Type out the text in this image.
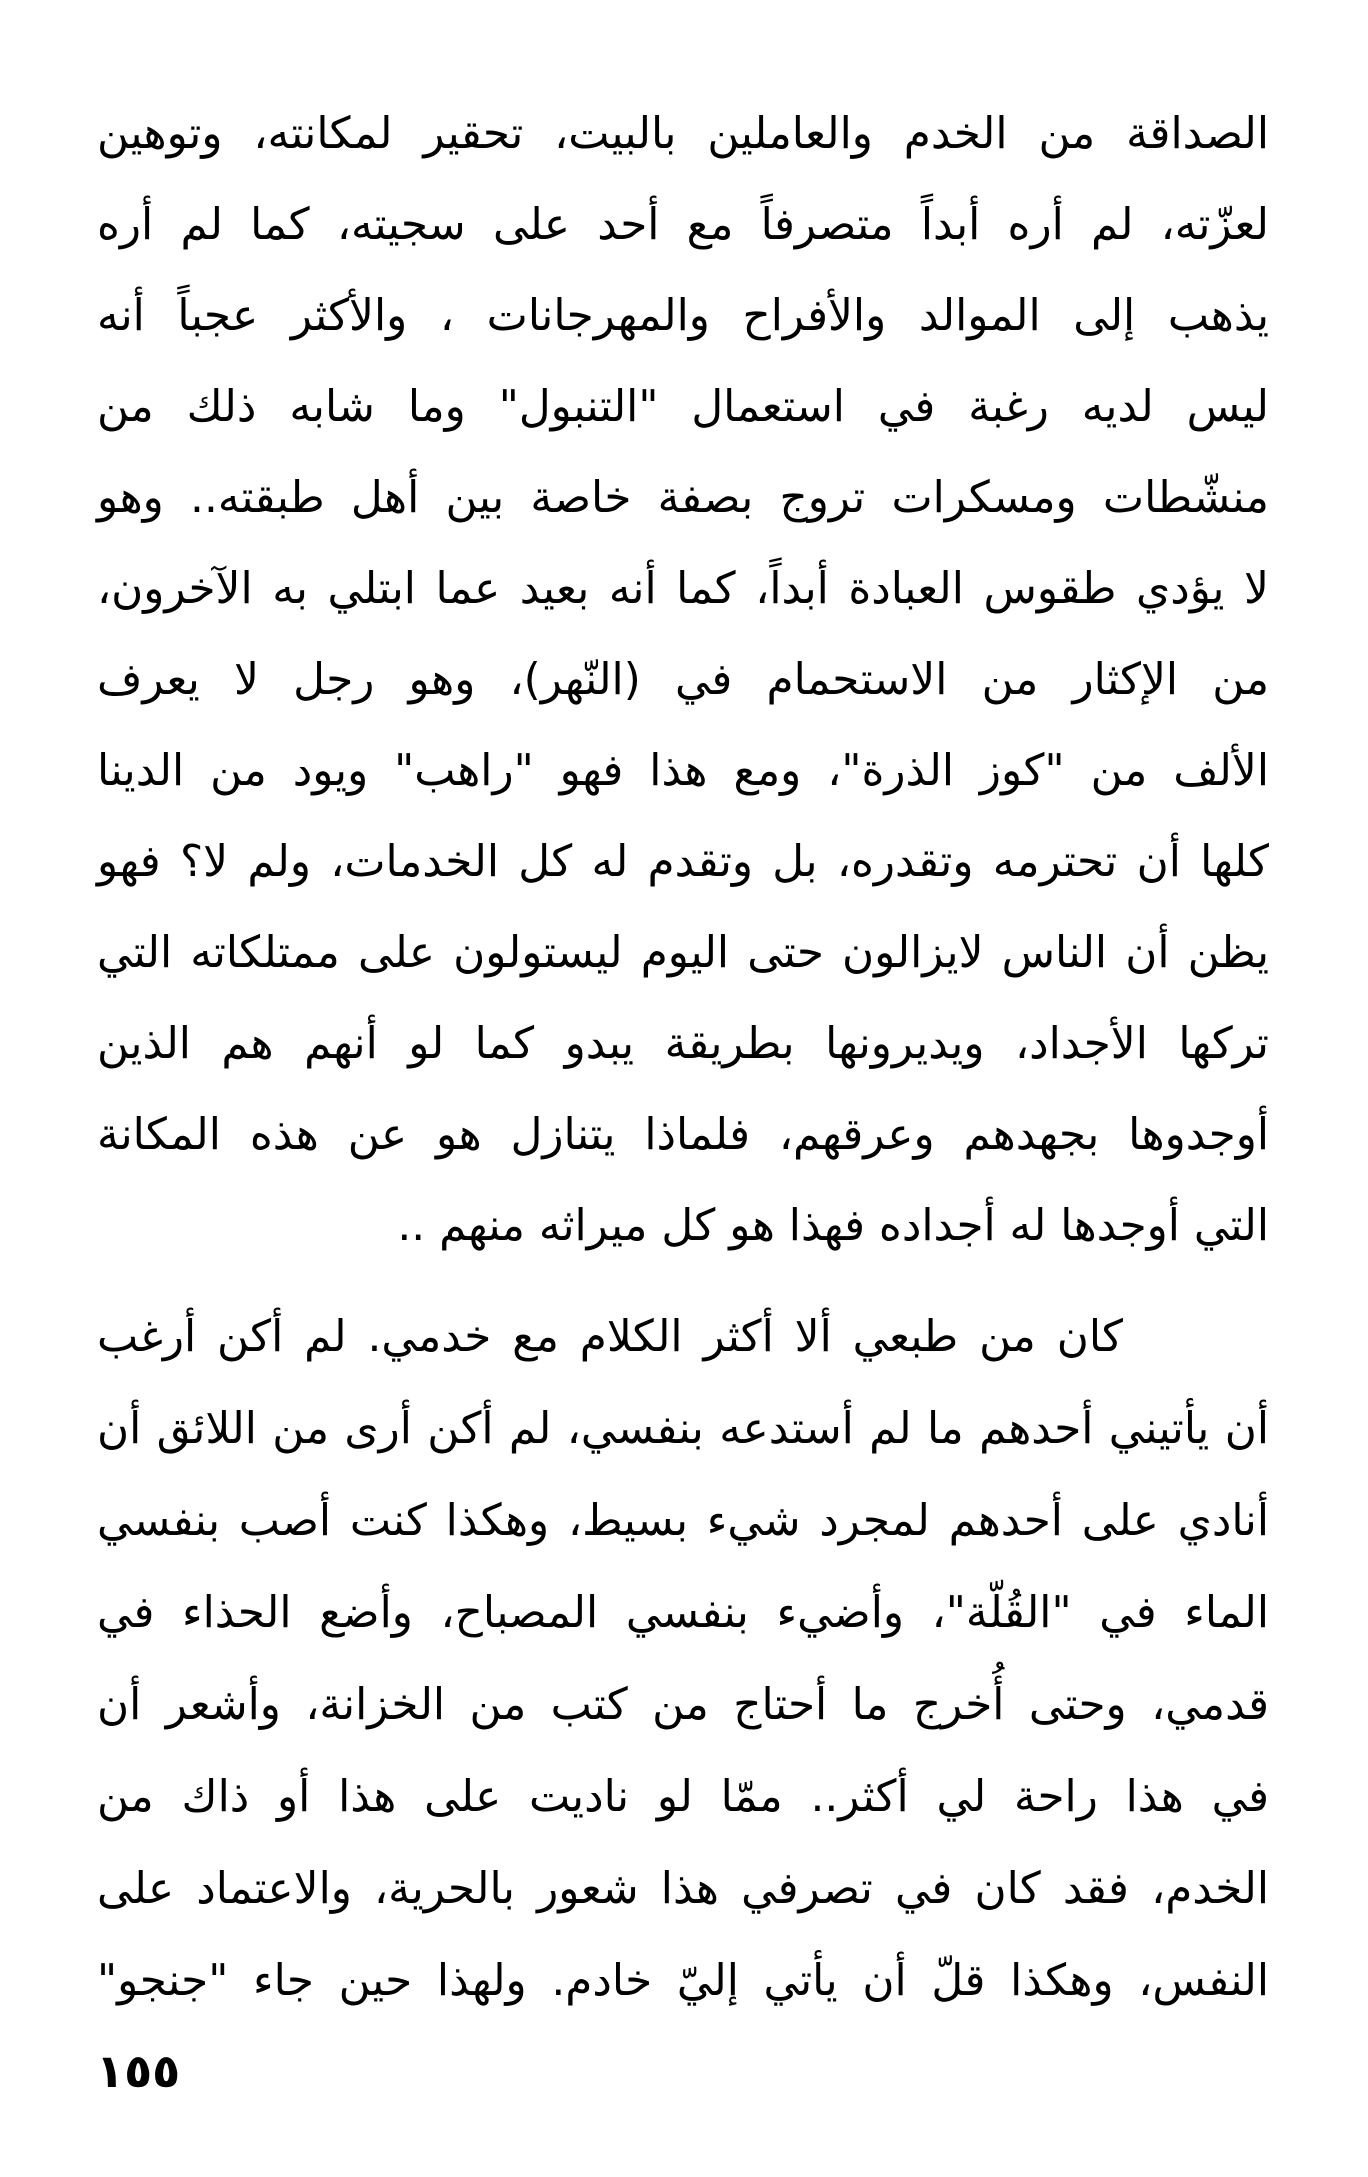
الصداقة من الخدم والعاملين بالبيت، تحقير لمكانته، وتوهين
لعزّته، لم أره أبداً متصرفاً مع أحد على سجيته، كما لم أره
يذهب إلى الموالد والأفراح والمهرجانات ، والأكثر عجباً أنه
ليس لديه رغبة في استعمال "التنبول" وما شابه ذلك من
منشّطات ومسكرات تروج بصفة خاصة بين أهل طبقته.. وهو
لا يؤدي طقوس العبادة أبداً، كما أنه بعيد عما ابتلي به الآخرون،
من الإكثار من الاستحمام في (النّهر)، وهو رجل لا يعرف
الألف من "كوز الذرة"، ومع هذا فهو "راهب" ويود من الدينا
كلها أن تحترمه وتقدره، بل وتقدم له كل الخدمات، ولم لا؟ فهو
يظن أن الناس لايزالون حتى اليوم ليستولون على ممتلكاته التي
تركها الأجداد، ويديرونها بطريقة يبدو كما لو أنهم هم الذين
أوجدوها بجهدهم وعرقهم، فلماذا يتنازل هو عن هذه المكانة
التي أوجدها له أجداده فهذا هو كل ميراثه منهم ..
كان من طبعي ألا أكثر الكلام مع خدمي. لم أكن أرغب
أن يأتيني أحدهم ما لم أستدعه بنفسي، لم أكن أرى من اللائق أن
أنادي على أحدهم لمجرد شيء بسيط، وهكذا كنت أصب بنفسي
الماء في "القُلّة"، وأضيء بنفسي المصباح، وأضع الحذاء في
قدمي، وحتى أُخرج ما أحتاج من كتب من الخزانة، وأشعر أن
في هذا راحة لي أكثر.. ممّا لو ناديت على هذا أو ذاك من
الخدم، فقد كان في تصرفي هذا شعور بالحرية، والاعتماد على
النفس، وهكذا قلّ أن يأتي إليّ خادم. ولهذا حين جاء "جنجو"
١٥٥
